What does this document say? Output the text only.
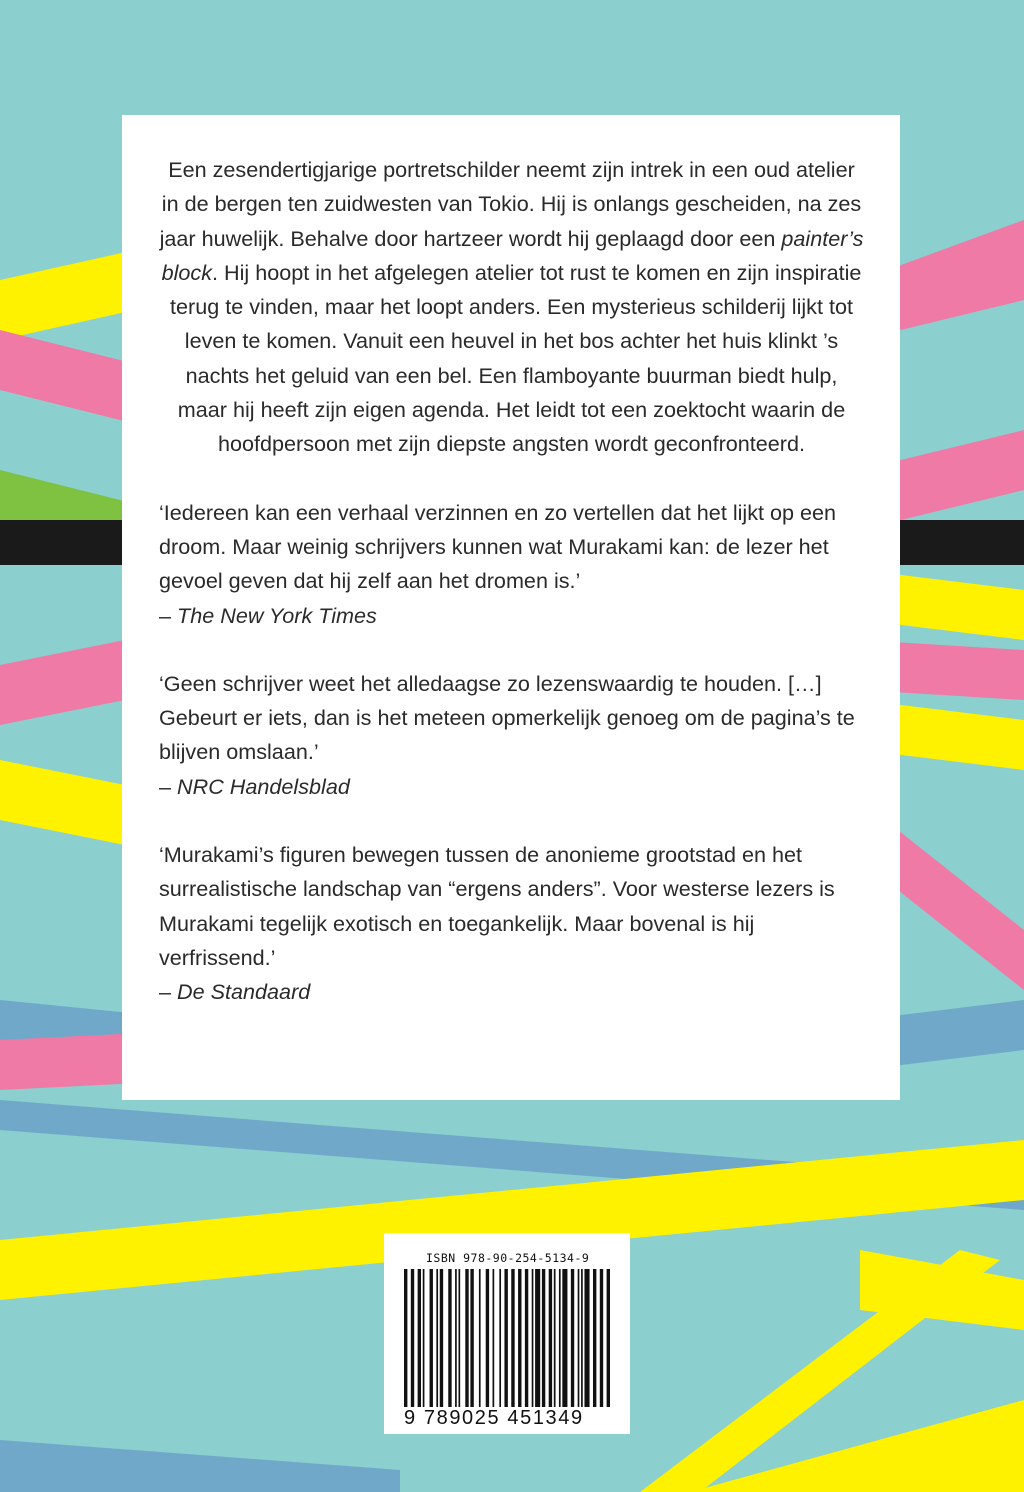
Een zesendertigjarige portretschilder neemt zijn intrek in een oud atelier in de bergen ten zuidwesten van Tokio. Hij is onlangs gescheiden, na zes jaar huwelijk. Behalve door hartzeer wordt hij geplaagd door een painter’s block. Hij hoopt in het afgelegen atelier tot rust te komen en zijn inspiratie terug te vinden, maar het loopt anders. Een mysterieus schilderij lijkt tot leven te komen. Vanuit een heuvel in het bos achter het huis klinkt ’s nachts het geluid van een bel. Een flamboyante buurman biedt hulp, maar hij heeft zijn eigen agenda. Het leidt tot een zoektocht waarin de hoofdpersoon met zijn diepste angsten wordt geconfronteerd.

‘Iedereen kan een verhaal verzinnen en zo vertellen dat het lijkt op een droom. Maar weinig schrijvers kunnen wat Murakami kan: de lezer het gevoel geven dat hij zelf aan het dromen is.’

– The New York Times

‘Geen schrijver weet het alledaagse zo lezenswaardig te houden. […] Gebeurt er iets, dan is het meteen opmerkelijk genoeg om de pagina’s te blijven omslaan.’

– NRC Handelsblad

‘Murakami’s figuren bewegen tussen de anonieme grootstad en het surrealistische landschap van “ergens anders”. Voor westerse lezers is Murakami tegelijk exotisch en toegankelijk. Maar bovenal is hij verfrissend.’

– De Standaard

ISBN 978-90-254-5134-9
9 789025 451349
